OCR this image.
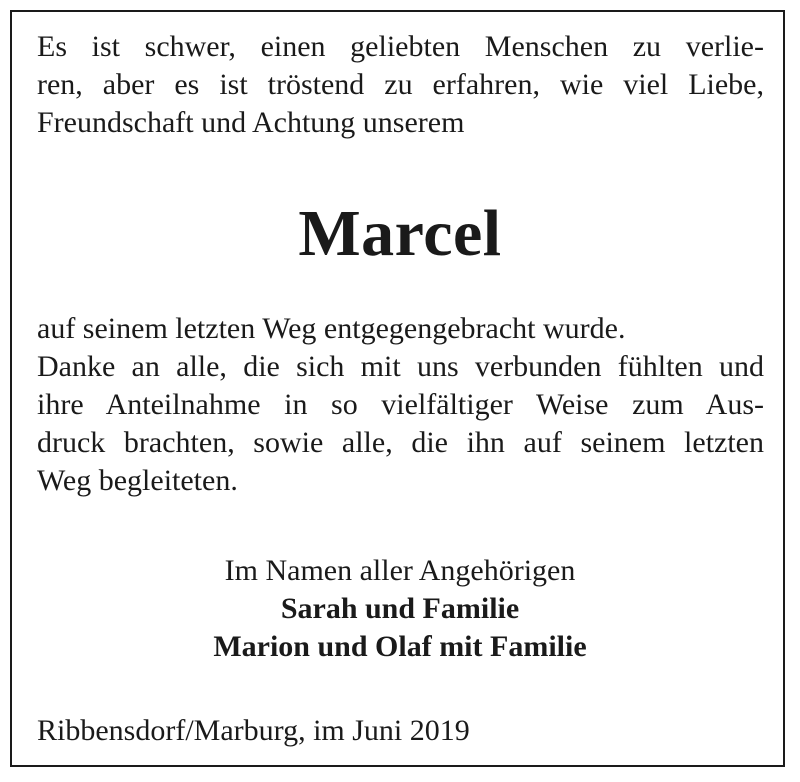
Es ist schwer, einen geliebten Menschen zu verlie-
ren, aber es ist tröstend zu erfahren, wie viel Liebe,
Freundschaft und Achtung unserem
Marcel
auf seinem letzten Weg entgegengebracht wurde.
Danke an alle, die sich mit uns verbunden fühlten und
ihre Anteilnahme in so vielfältiger Weise zum Aus-
druck brachten, sowie alle, die ihn auf seinem letzten
Weg begleiteten.
Im Namen aller Angehörigen
Sarah und Familie
Marion und Olaf mit Familie
Ribbensdorf/Marburg, im Juni 2019
